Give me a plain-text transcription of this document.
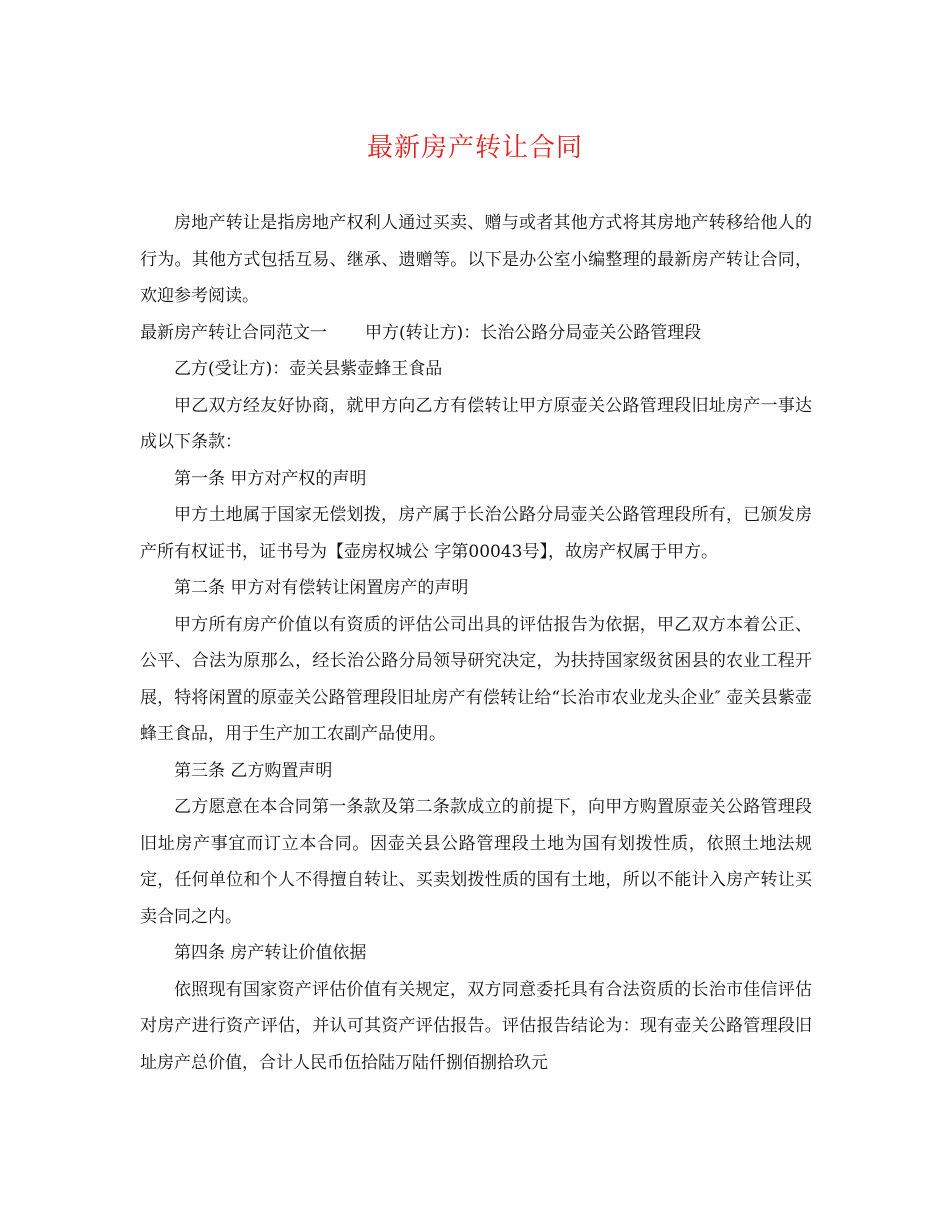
最新房产转让合同

房地产转让是指房地产权利人通过买卖、赠与或者其他方式将其房地产转移给他人的行为。其他方式包括互易、继承、遗赠等。以下是办公室小编整理的最新房产转让合同，欢迎参考阅读。

最新房产转让合同范文一 甲方(转让方)：长治公路分局壶关公路管理段

乙方(受让方)：壶关县紫壶蜂王食品

甲乙双方经友好协商，就甲方向乙方有偿转让甲方原壶关公路管理段旧址房产一事达成以下条款：

第一条 甲方对产权的声明

甲方土地属于国家无偿划拨，房产属于长治公路分局壶关公路管理段所有，已颁发房产所有权证书，证书号为【壶房权城公 字第00043号】，故房产权属于甲方。

第二条 甲方对有偿转让闲置房产的声明

甲方所有房产价值以有资质的评估公司出具的评估报告为依据，甲乙双方本着公正、公平、合法为原那么，经长治公路分局领导研究决定，为扶持国家级贫困县的农业工程开展，特将闲置的原壶关公路管理段旧址房产有偿转让给“长治市农业龙头企业″ 壶关县紫壶蜂王食品，用于生产加工农副产品使用。

第三条 乙方购置声明

乙方愿意在本合同第一条款及第二条款成立的前提下，向甲方购置原壶关公路管理段旧址房产事宜而订立本合同。因壶关县公路管理段土地为国有划拨性质，依照土地法规定，任何单位和个人不得擅自转让、买卖划拨性质的国有土地，所以不能计入房产转让买卖合同之内。

第四条 房产转让价值依据

依照现有国家资产评估价值有关规定，双方同意委托具有合法资质的长治市佳信评估对房产进行资产评估，并认可其资产评估报告。评估报告结论为：现有壶关公路管理段旧址房产总价值，合计人民币伍拾陆万陆仟捌佰捌拾玖元
